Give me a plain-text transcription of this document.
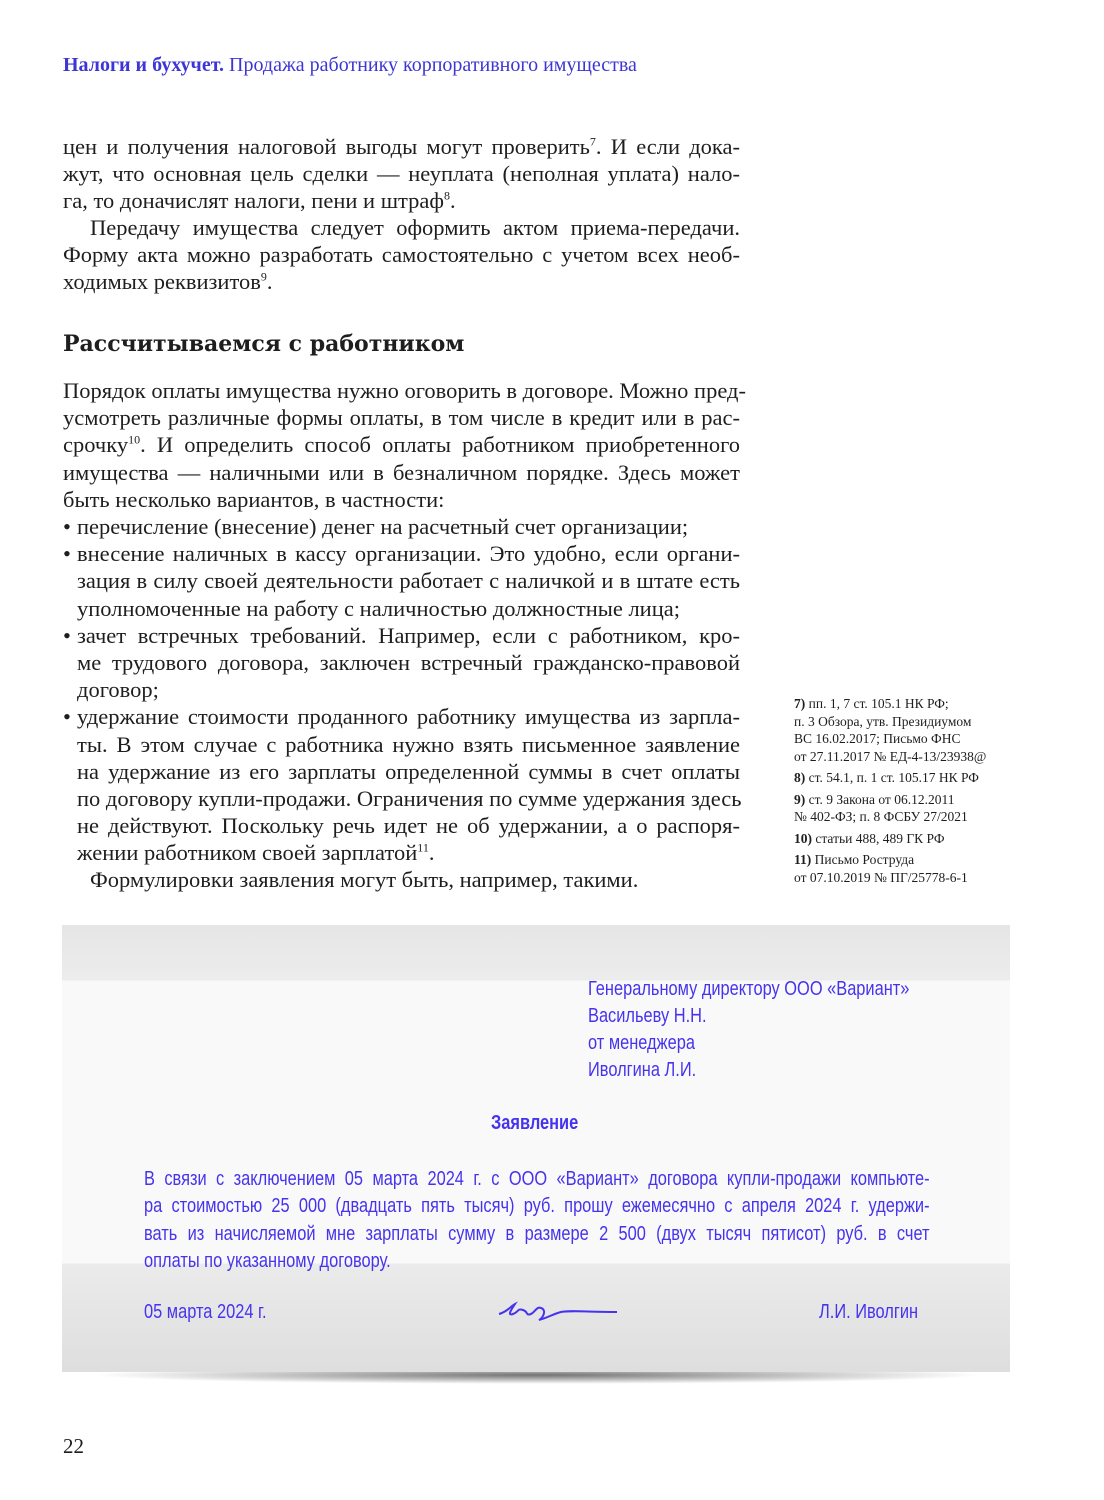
Налоги и бухучет. Продажа работнику корпоративного имущества
цен и получения налоговой выгоды могут проверить$^7$. И если дока-
жут, что основная цель сделки — неуплата (неполная уплата) нало-
га, то доначислят налоги, пени и штраф$^8$.
Передачу имущества следует оформить актом приема-передачи.
Форму акта можно разработать самостоятельно с учетом всех необ-
ходимых реквизитов$^9$.
Рассчитываемся с работником
Порядок оплаты имущества нужно оговорить в договоре. Можно пред-
усмотреть различные формы оплаты, в том числе в кредит или в рас-
срочку$^{10}$. И определить способ оплаты работником приобретенного
имущества — наличными или в безналичном порядке. Здесь может
быть несколько вариантов, в частности:
• перечисление (внесение) денег на расчетный счет организации;
• внесение наличных в кассу организации. Это удобно, если органи-
зация в силу своей деятельности работает с наличкой и в штате есть
уполномоченные на работу с наличностью должностные лица;
• зачет встречных требований. Например, если с работником, кро-
ме трудового договора, заключен встречный гражданско-правовой
договор;
• удержание стоимости проданного работнику имущества из зарпла-
ты. В этом случае с работника нужно взять письменное заявление
на удержание из его зарплаты определенной суммы в счет оплаты
по договору купли-продажи. Ограничения по сумме удержания здесь
не действуют. Поскольку речь идет не об удержании, а о распоря-
жении работником своей зарплатой$^{11}$.
Формулировки заявления могут быть, например, такими.
7) пп. 1, 7 ст. 105.1 НК РФ;
п. 3 Обзора, утв. Президиумом
ВС 16.02.2017; Письмо ФНС
от 27.11.2017 № ЕД-4-13/23938@
8) ст. 54.1, п. 1 ст. 105.17 НК РФ
9) ст. 9 Закона от 06.12.2011
№ 402-ФЗ; п. 8 ФСБУ 27/2021
10) статьи 488, 489 ГК РФ
11) Письмо Роструда
от 07.10.2019 № ПГ/25778-6-1
Генеральному директору ООО «Вариант»
Васильеву Н.Н.
от менеджера
Иволгина Л.И.
Заявление
В связи с заключением 05 марта 2024 г. с ООО «Вариант» договора купли-продажи компьюте-
ра стоимостью 25 000 (двадцать пять тысяч) руб. прошу ежемесячно с апреля 2024 г. удержи-
вать из начисляемой мне зарплаты сумму в размере 2 500 (двух тысяч пятисот) руб. в счет
оплаты по указанному договору.
05 марта 2024 г.	Л.И. Иволгин
22
